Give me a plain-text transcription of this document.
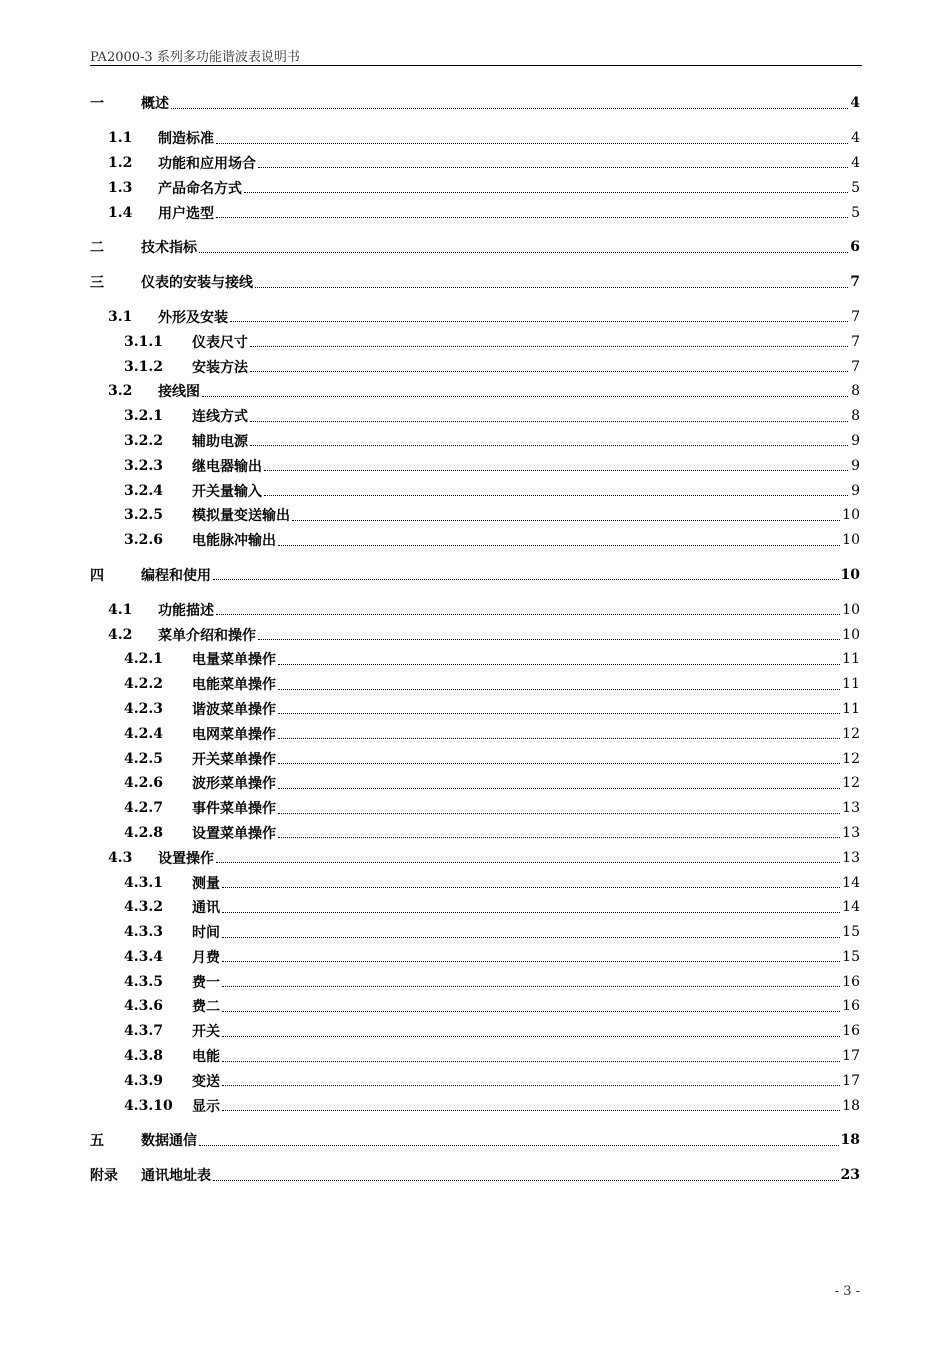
PA2000-3 系列多功能谐波表说明书
一	概述	4
1.1	制造标准	4
1.2	功能和应用场合	4
1.3	产品命名方式	5
1.4	用户选型	5
二	技术指标	6
三	仪表的安装与接线	7
3.1	外形及安装	7
3.1.1	仪表尺寸	7
3.1.2	安装方法	7
3.2	接线图	8
3.2.1	连线方式	8
3.2.2	辅助电源	9
3.2.3	继电器输出	9
3.2.4	开关量输入	9
3.2.5	模拟量变送输出	10
3.2.6	电能脉冲输出	10
四	编程和使用	10
4.1	功能描述	10
4.2	菜单介绍和操作	10
4.2.1	电量菜单操作	11
4.2.2	电能菜单操作	11
4.2.3	谐波菜单操作	11
4.2.4	电网菜单操作	12
4.2.5	开关菜单操作	12
4.2.6	波形菜单操作	12
4.2.7	事件菜单操作	13
4.2.8	设置菜单操作	13
4.3	设置操作	13
4.3.1	测量	14
4.3.2	通讯	14
4.3.3	时间	15
4.3.4	月费	15
4.3.5	费一	16
4.3.6	费二	16
4.3.7	开关	16
4.3.8	电能	17
4.3.9	变送	17
4.3.10	显示	18
五	数据通信	18
附录	通讯地址表	23
- 3 -
